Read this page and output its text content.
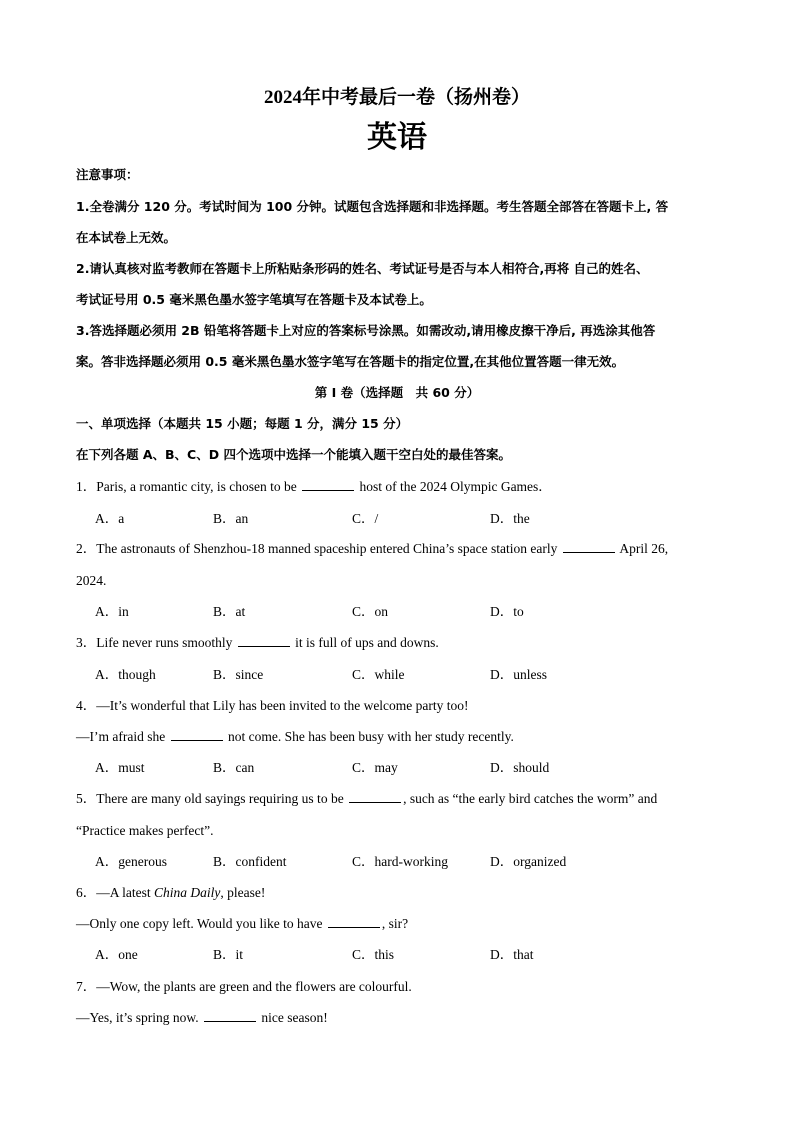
2024年中考最后一卷（扬州卷）
英语
注意事项：
1.全卷满分 120 分。考试时间为 100 分钟。试题包含选择题和非选择题。考生答题全部答在答题卡上, 答
在本试卷上无效。
2.请认真核对监考教师在答题卡上所粘贴条形码的姓名、考试证号是否与本人相符合,再将 自己的姓名、
考试证号用 0.5 毫米黑色墨水签字笔填写在答题卡及本试卷上。
3.答选择题必须用 2B 铅笔将答题卡上对应的答案标号涂黑。如需改动,请用橡皮擦干净后, 再选涂其他答
案。答非选择题必须用 0.5 毫米黑色墨水签字笔写在答题卡的指定位置,在其他位置答题一律无效。
第 I 卷（选择题　共 60 分）
一、单项选择（本题共 15 小题；每题 1 分，满分 15 分）
在下列各题 A、B、C、D 四个选项中选择一个能填入题干空白处的最佳答案。
1．Paris, a romantic city, is chosen to be	host of the 2024 Olympic Games．
A．a	B．an	C．/	D．the
2．The astronauts of Shenzhou-18 manned spaceship entered China’s space station early	April 26,
2024.
A．in	B．at	C．on	D．to
3．Life never runs smoothly	it is full of ups and downs.
A．though	B．since	C．while	D．unless
4．—It’s wonderful that Lily has been invited to the welcome party too!
—I’m afraid she	not come. She has been busy with her study recently.
A．must	B．can	C．may	D．should
5．There are many old sayings requiring us to be	, such as “the early bird catches the worm” and
“Practice makes perfect”.
A．generous	B．confident	C．hard-working	D．organized
6．—A latest China Daily, please!
—Only one copy left. Would you like to have	, sir?
A．one	B．it	C．this	D．that
7．—Wow, the plants are green and the flowers are colourful.
—Yes, it’s spring now.	nice season!
